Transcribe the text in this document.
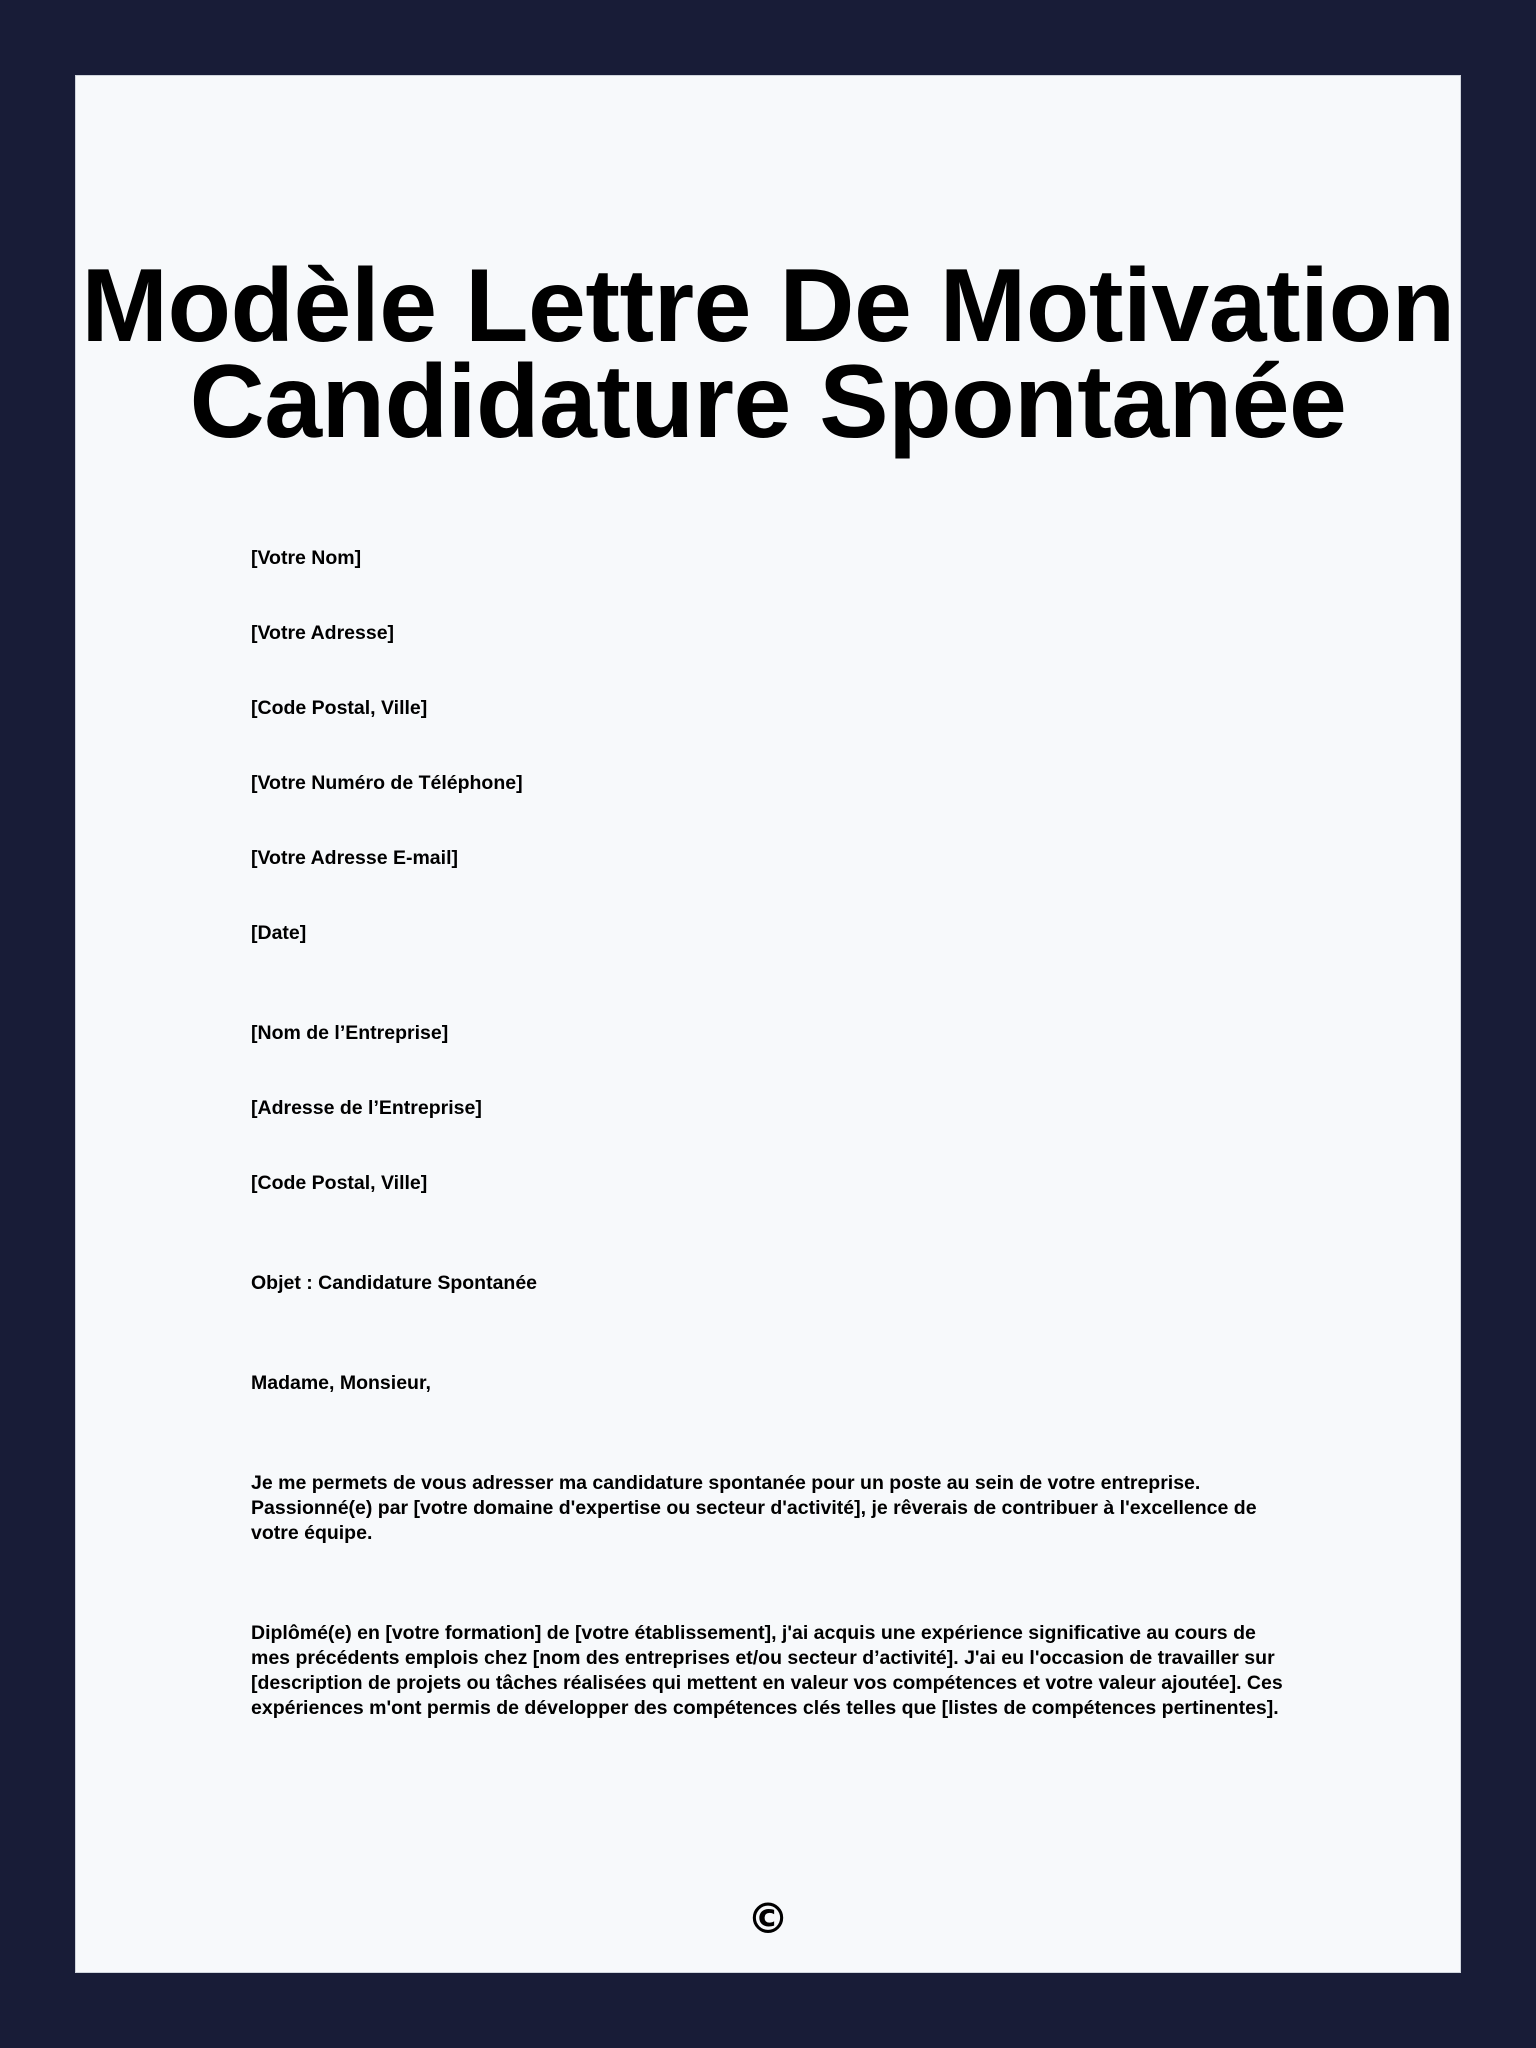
Modèle Lettre De Motivation
Candidature Spontanée
[Votre Nom]
[Votre Adresse]
[Code Postal, Ville]
[Votre Numéro de Téléphone]
[Votre Adresse E-mail]
[Date]
[Nom de l’Entreprise]
[Adresse de l’Entreprise]
[Code Postal, Ville]
Objet : Candidature Spontanée
Madame, Monsieur,

Je me permets de vous adresser ma candidature spontanée pour un poste au sein de votre entreprise. Passionné(e) par [votre domaine d'expertise ou secteur d'activité], je rêverais de contribuer à l'excellence de votre équipe.

Diplômé(e) en [votre formation] de [votre établissement], j'ai acquis une expérience significative au cours de mes précédents emplois chez [nom des entreprises et/ou secteur d’activité]. J'ai eu l'occasion de travailler sur [description de projets ou tâches réalisées qui mettent en valeur vos compétences et votre valeur ajoutée]. Ces expériences m'ont permis de développer des compétences clés telles que [listes de compétences pertinentes].

©
